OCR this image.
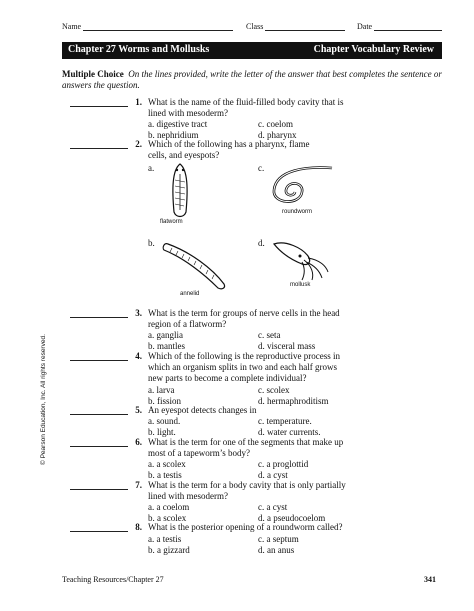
Name	Class	Date
Chapter 27 Worms and Mollusks	Chapter Vocabulary Review
Multiple Choice On the lines provided, write the letter of the answer that best completes the sentence or answers the question.
1. What is the name of the fluid-filled body cavity that is lined with mesoderm?
a. digestive tract	c. coelom
b. nephridium	d. pharynx
2. Which of the following has a pharynx, flame cells, and eyespots?
a.
flatworm
c.
roundworm
b.
annelid
d.
mollusk
3. What is the term for groups of nerve cells in the head region of a flatworm?
a. ganglia	c. seta
b. mantles	d. visceral mass
4. Which of the following is the reproductive process in which an organism splits in two and each half grows new parts to become a complete individual?
a. larva	c. scolex
b. fission	d. hermaphroditism
5. An eyespot detects changes in
a. sound.	c. temperature.
b. light.	d. water currents.
6. What is the term for one of the segments that make up most of a tapeworm’s body?
a. a scolex	c. a proglottid
b. a testis	d. a cyst
7. What is the term for a body cavity that is only partially lined with mesoderm?
a. a coelom	c. a cyst
b. a scolex	d. a pseudocoelom
8. What is the posterior opening of a roundworm called?
a. a testis	c. a septum
b. a gizzard	d. an anus
© Pearson Education, Inc. All rights reserved.
Teaching Resources/Chapter 27	341
